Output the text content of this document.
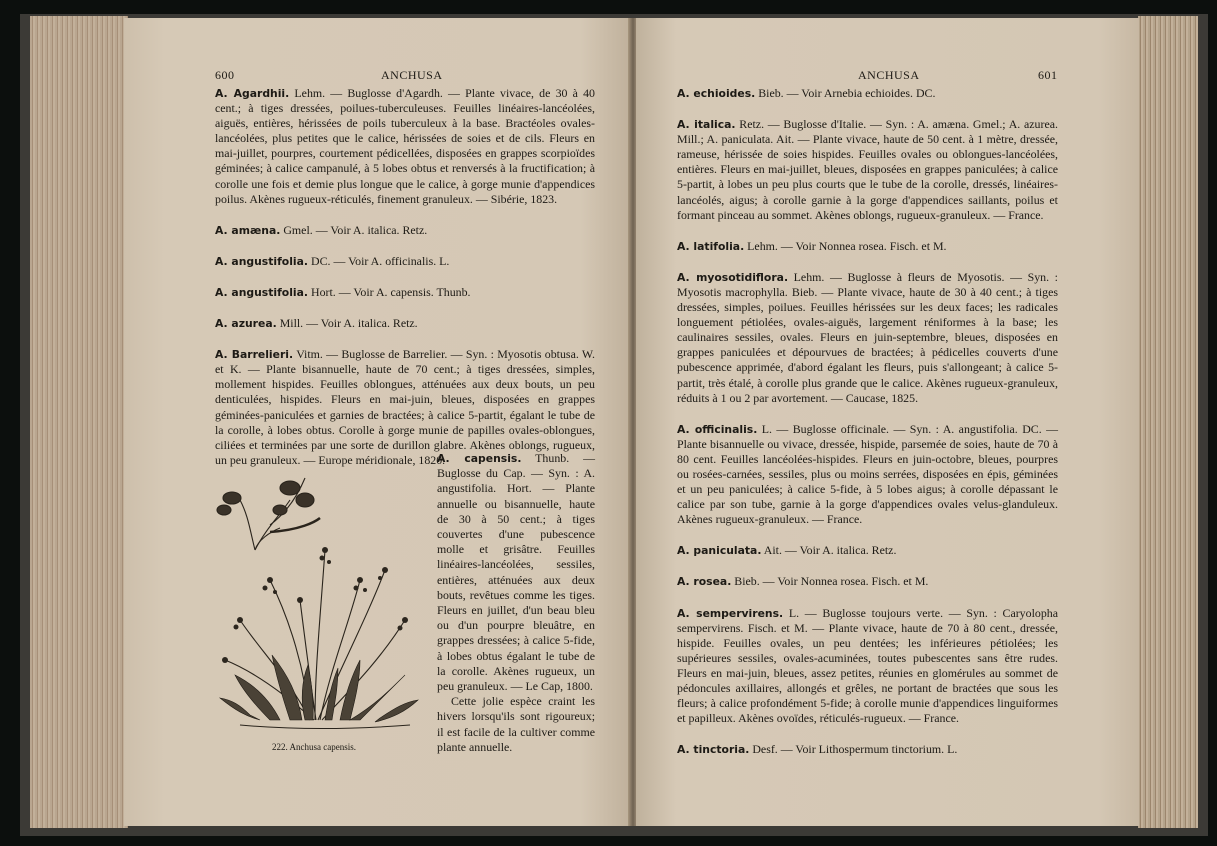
600	ANCHUSA

A. Agardhii. Lehm. — Buglosse d'Agardh. — Plante vivace, de 30 à 40 cent.; à tiges dressées, poilues-tuberculeuses. Feuilles linéaires-lancéolées, aiguës, entières, hérissées de poils tuberculeux à la base. Bractéoles ovales-lancéolées, plus petites que le calice, hérissées de soies et de cils. Fleurs en mai-juillet, pourpres, courtement pédicellées, disposées en grappes scorpioïdes géminées; à calice campanulé, à 5 lobes obtus et renversés à la fructification; à corolle une fois et demie plus longue que le calice, à gorge munie d'appendices poilus. Akènes rugueux-réticulés, finement granuleux. — Sibérie, 1823.

A. amæna. Gmel. — Voir A. italica. Retz.

A. angustifolia. DC. — Voir A. officinalis. L.

A. angustifolia. Hort. — Voir A. capensis. Thunb.

A. azurea. Mill. — Voir A. italica. Retz.

A. Barrelieri. Vitm. — Buglosse de Barrelier. — Syn. : Myosotis obtusa. W. et K. — Plante bisannuelle, haute de 70 cent.; à tiges dressées, simples, mollement hispides. Feuilles oblongues, atténuées aux deux bouts, un peu denticulées, hispides. Fleurs en mai-juin, bleues, disposées en grappes géminées-paniculées et garnies de bractées; à calice 5-partit, égalant le tube de la corolle, à lobes obtus. Corolle à gorge munie de papilles ovales-oblongues, ciliées et terminées par une sorte de durillon glabre. Akènes oblongs, rugueux, un peu granuleux. — Europe méridionale, 1820.

222. Anchusa capensis.

A. capensis. Thunb. — Buglosse du Cap. — Syn. : A. angustifolia. Hort. — Plante annuelle ou bisannuelle, haute de 30 à 50 cent.; à tiges couvertes d'une pubescence molle et grisâtre. Feuilles linéaires-lancéolées, sessiles, entières, atténuées aux deux bouts, revêtues comme les tiges. Fleurs en juillet, d'un beau bleu ou d'un pourpre bleuâtre, en grappes dressées; à calice 5-fide, à lobes obtus égalant le tube de la corolle. Akènes rugueux, un peu granuleux. — Le Cap, 1800.

Cette jolie espèce craint les hivers lorsqu'ils sont rigoureux; il est facile de la cultiver comme plante annuelle.

ANCHUSA	601

A. echioides. Bieb. — Voir Arnebia echioides. DC.

A. italica. Retz. — Buglosse d'Italie. — Syn. : A. amæna. Gmel.; A. azurea. Mill.; A. paniculata. Ait. — Plante vivace, haute de 50 cent. à 1 mètre, dressée, rameuse, hérissée de soies hispides. Feuilles ovales ou oblongues-lancéolées, entières. Fleurs en mai-juillet, bleues, disposées en grappes paniculées; à calice 5-partit, à lobes un peu plus courts que le tube de la corolle, dressés, linéaires-lancéolés, aigus; à corolle garnie à la gorge d'appendices saillants, poilus et formant pinceau au sommet. Akènes oblongs, rugueux-granuleux. — France.

A. latifolia. Lehm. — Voir Nonnea rosea. Fisch. et M.

A. myosotidiflora. Lehm. — Buglosse à fleurs de Myosotis. — Syn. : Myosotis macrophylla. Bieb. — Plante vivace, haute de 30 à 40 cent.; à tiges dressées, simples, poilues. Feuilles hérissées sur les deux faces; les radicales longuement pétiolées, ovales-aiguës, largement réniformes à la base; les caulinaires sessiles, ovales. Fleurs en juin-septembre, bleues, disposées en grappes paniculées et dépourvues de bractées; à pédicelles couverts d'une pubescence apprimée, d'abord égalant les fleurs, puis s'allongeant; à calice 5-partit, très étalé, à corolle plus grande que le calice. Akènes rugueux-granuleux, réduits à 1 ou 2 par avortement. — Caucase, 1825.

A. officinalis. L. — Buglosse officinale. — Syn. : A. angustifolia. DC. — Plante bisannuelle ou vivace, dressée, hispide, parsemée de soies, haute de 70 à 80 cent. Feuilles lancéolées-hispides. Fleurs en juin-octobre, bleues, pourpres ou rosées-carnées, sessiles, plus ou moins serrées, disposées en épis, géminées et un peu paniculées; à calice 5-fide, à 5 lobes aigus; à corolle dépassant le calice par son tube, garnie à la gorge d'appendices ovales velus-glanduleux. Akènes rugueux-granuleux. — France.

A. paniculata. Ait. — Voir A. italica. Retz.

A. rosea. Bieb. — Voir Nonnea rosea. Fisch. et M.

A. sempervirens. L. — Buglosse toujours verte. — Syn. : Caryolopha sempervirens. Fisch. et M. — Plante vivace, haute de 70 à 80 cent., dressée, hispide. Feuilles ovales, un peu dentées; les inférieures pétiolées; les supérieures sessiles, ovales-acuminées, toutes pubescentes sans être rudes. Fleurs en mai-juin, bleues, assez petites, réunies en glomérules au sommet de pédoncules axillaires, allongés et grêles, ne portant de bractées que sous les fleurs; à calice profondément 5-fide; à corolle munie d'appendices linguiformes et papilleux. Akènes ovoïdes, réticulés-rugueux. — France.

A. tinctoria. Desf. — Voir Lithospermum tinctorium. L.
